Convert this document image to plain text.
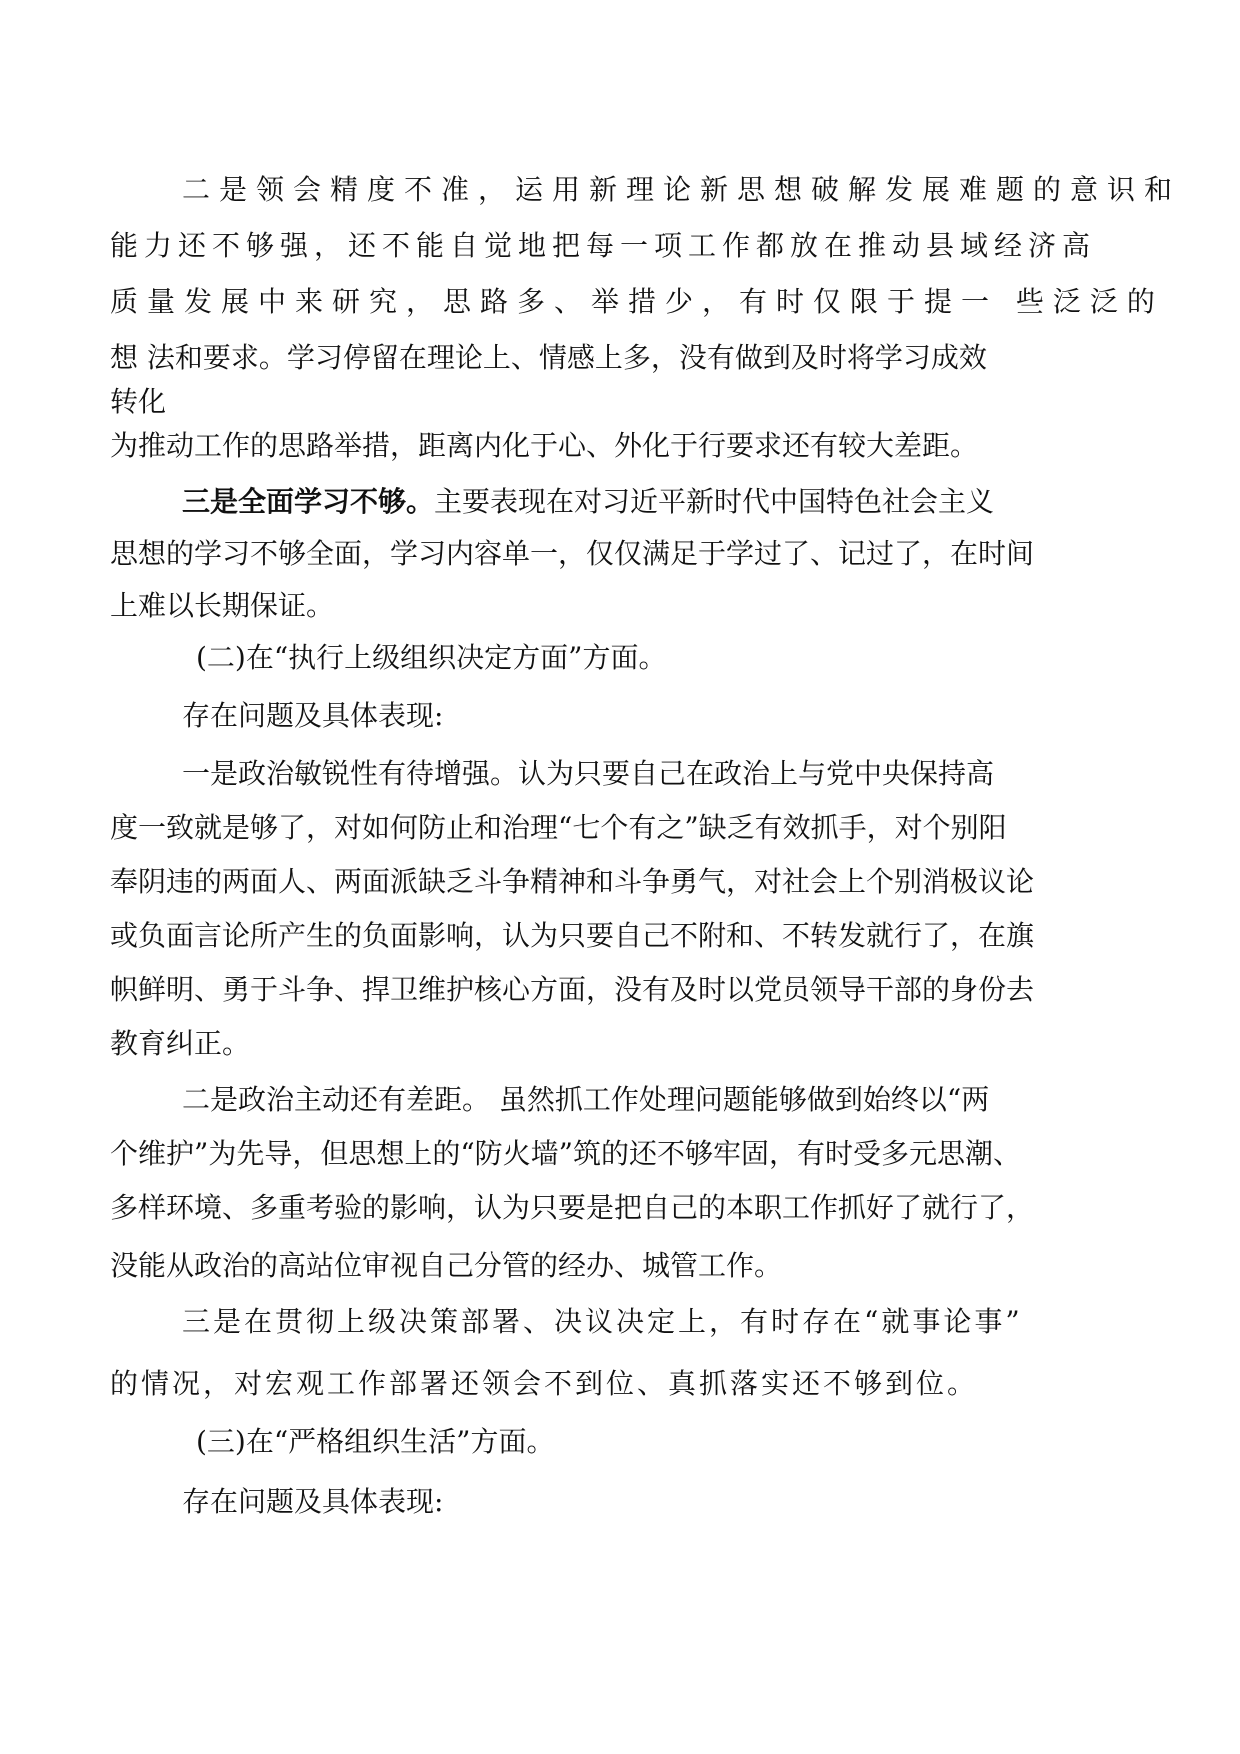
二是领会精度不准，运用新理论新思想破解发展难题的意识和

能力还不够强，还不能自觉地把每一项工作都放在推动县域经济高

质量发展中来研究，思路多、举措少，有时仅限于提一 些泛泛的

想 法和要求。学习停留在理论上、情感上多，没有做到及时将学习成效

转化

为推动工作的思路举措，距离内化于心、外化于行要求还有较大差距。

三是全面学习不够。主要表现在对习近平新时代中国特色社会主义

思想的学习不够全面，学习内容单一，仅仅满足于学过了、记过了，在时间

上难以长期保证。

(二)在“执行上级组织决定方面”方面。

存在问题及具体表现:

一是政治敏锐性有待增强。认为只要自己在政治上与党中央保持高

度一致就是够了，对如何防止和治理“七个有之”缺乏有效抓手，对个别阳

奉阴违的两面人、两面派缺乏斗争精神和斗争勇气，对社会上个别消极议论

或负面言论所产生的负面影响，认为只要自己不附和、不转发就行了，在旗

帜鲜明、勇于斗争、捍卫维护核心方面，没有及时以党员领导干部的身份去

教育纠正。

二是政治主动还有差距。 虽然抓工作处理问题能够做到始终以“两

个维护”为先导，但思想上的“防火墙”筑的还不够牢固，有时受多元思潮、

多样环境、多重考验的影响，认为只要是把自己的本职工作抓好了就行了，

没能从政治的高站位审视自己分管的经办、城管工作。

三是在贯彻上级决策部署、决议决定上，有时存在“就事论事”

的情况，对宏观工作部署还领会不到位、真抓落实还不够到位。

(三)在“严格组织生活”方面。

存在问题及具体表现:
